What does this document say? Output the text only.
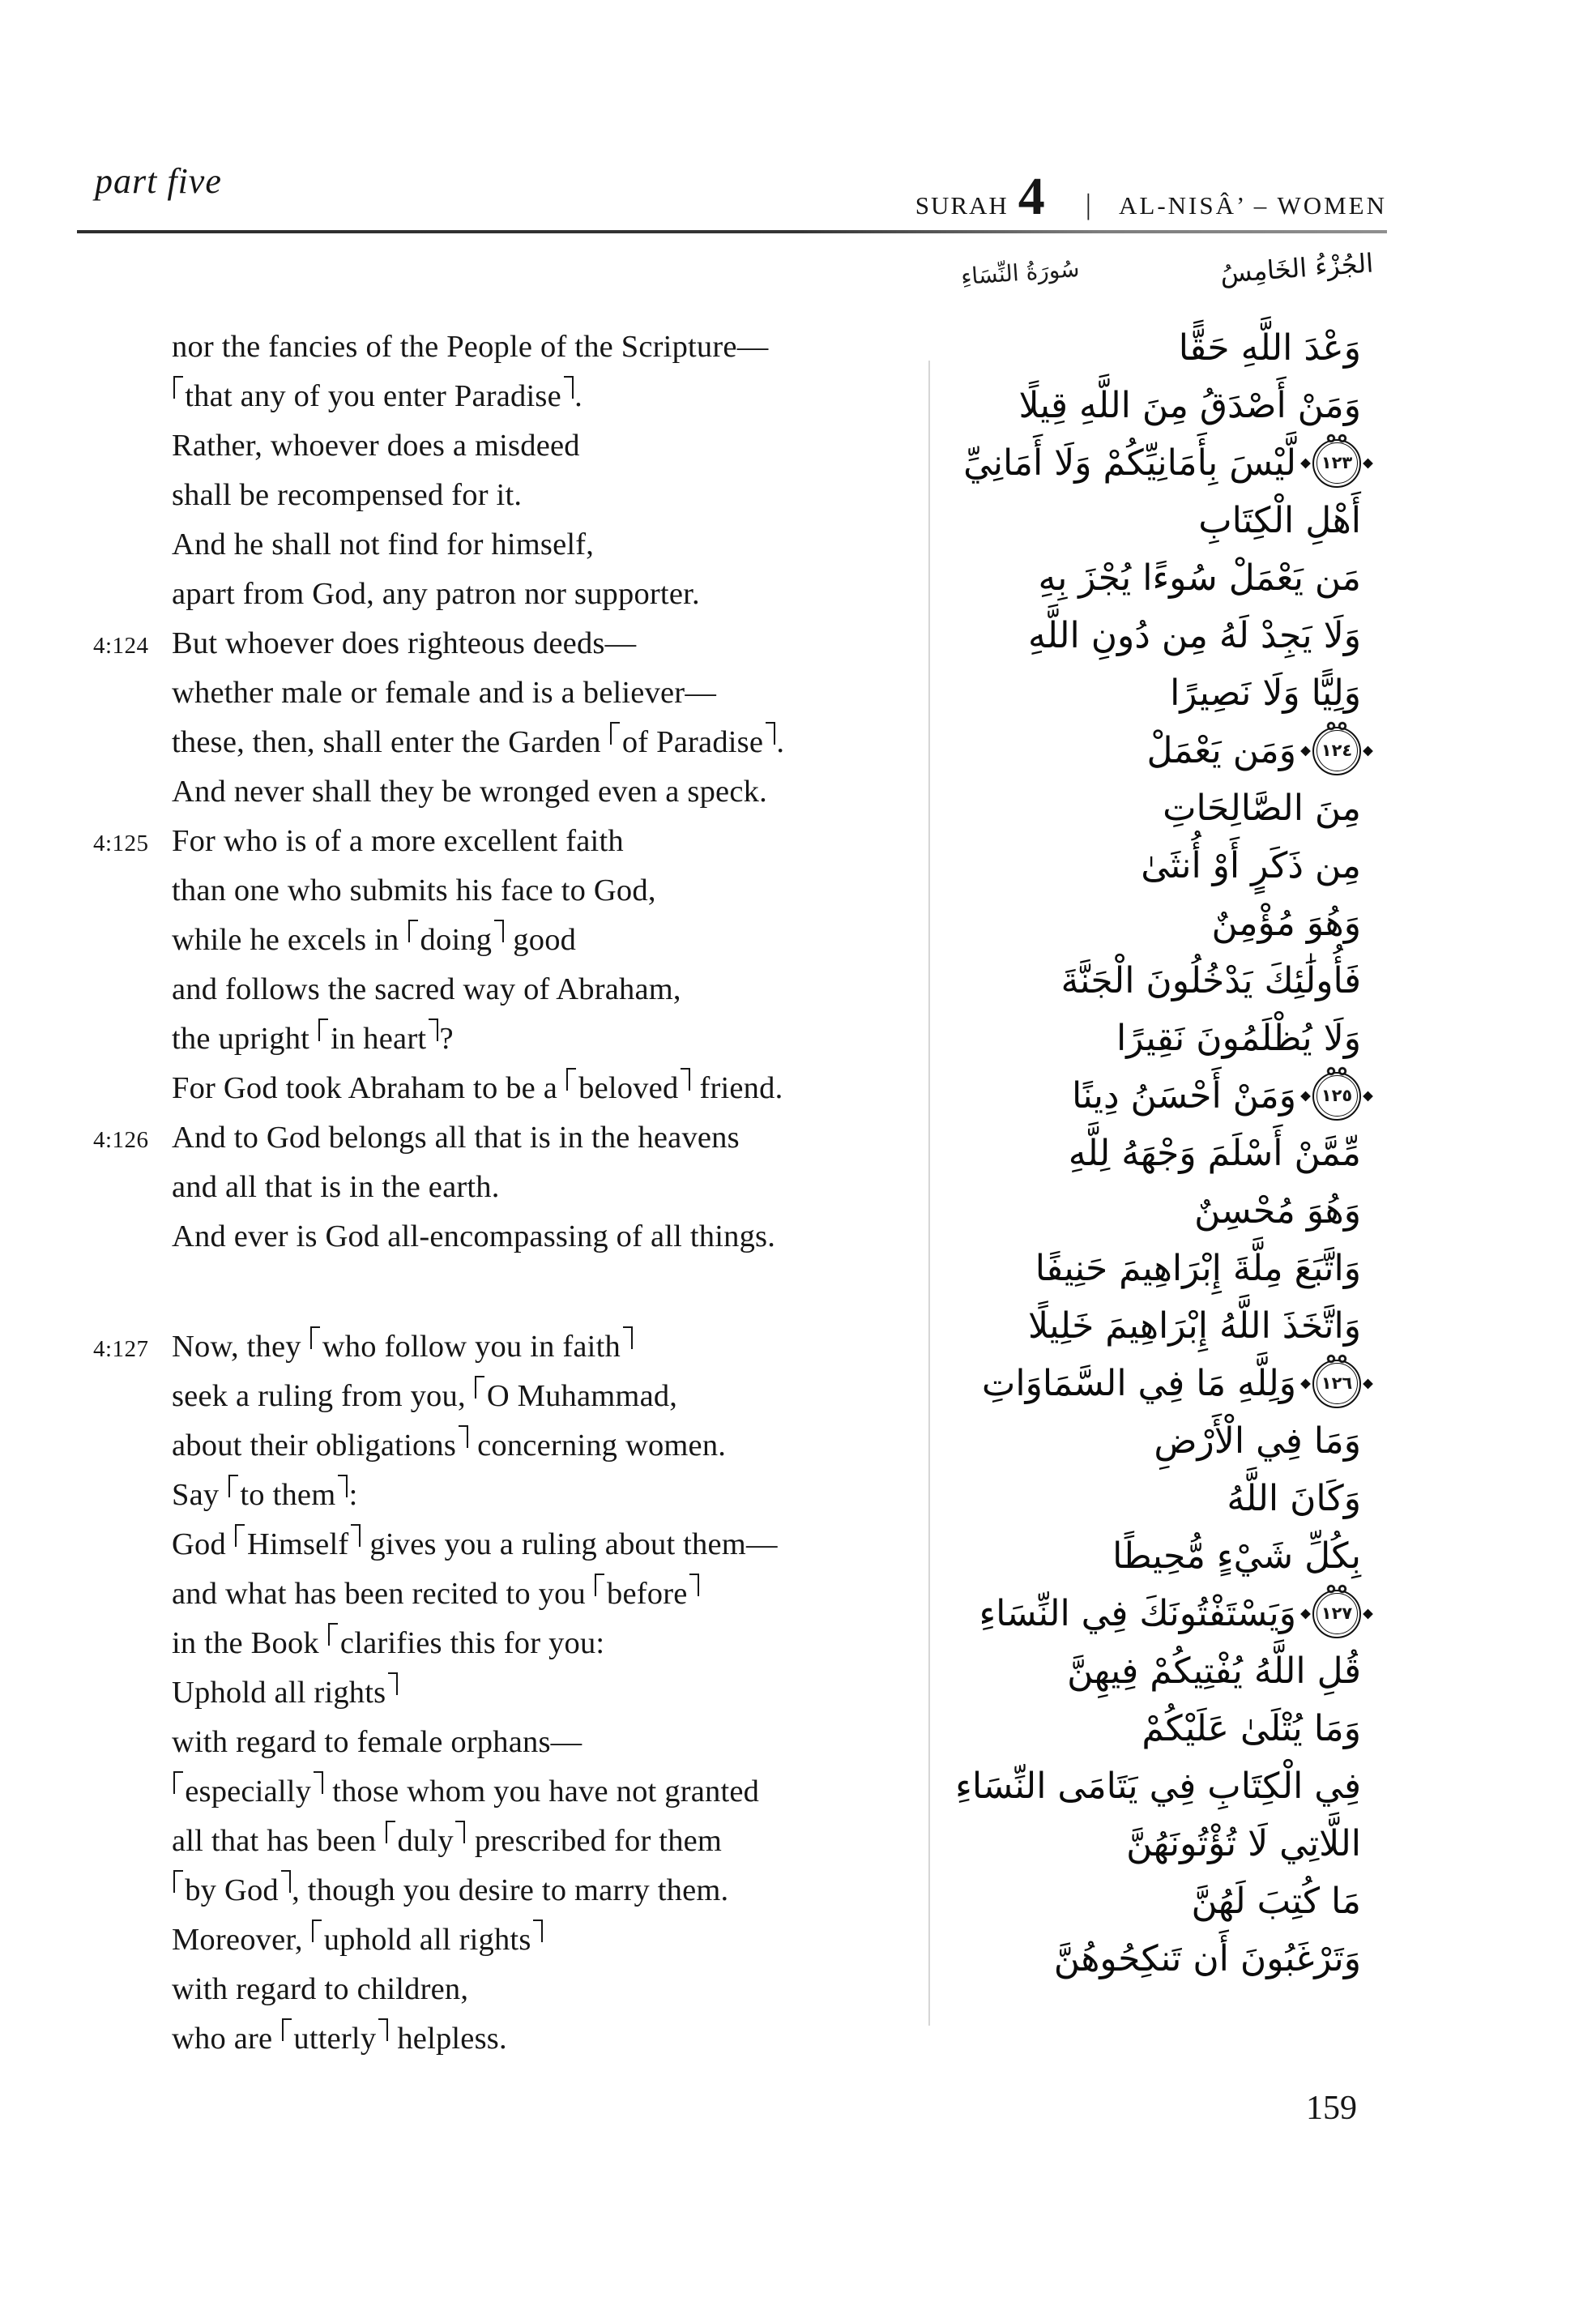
part five
SURAH 4 | AL-NISÂ’ – WOMEN
سُورَةُ النِّسَاءِ	الجُزْءُ الخَامِسُ
nor the fancies of the People of the Scripture—
that any of you enter Paradise .
Rather, whoever does a misdeed
shall be recompensed for it.
And he shall not find for himself,
apart from God, any patron nor supporter.
4:124 But whoever does righteous deeds—
whether male or female and is a believer—
these, then, shall enter the Garden of Paradise .
And never shall they be wronged even a speck.
4:125 For who is of a more excellent faith
than one who submits his face to God,
while he excels in doing good
and follows the sacred way of Abraham,
the upright in heart ?
For God took Abraham to be a beloved friend.
4:126 And to God belongs all that is in the heavens
and all that is in the earth.
And ever is God all-encompassing of all things.
4:127 Now, they who follow you in faith
seek a ruling from you, O Muhammad,
about their obligations concerning women.
Say to them :
God Himself gives you a ruling about them—
and what has been recited to you before
in the Book clarifies this for you:
Uphold all rights
with regard to female orphans—
especially those whom you have not granted
all that has been duly prescribed for them
by God , though you desire to marry them.
Moreover, uphold all rights
with regard to children,
who are utterly helpless.
وَعْدَ اللَّهِ حَقًّا
وَمَنْ أَصْدَقُ مِنَ اللَّهِ قِيلًا
لَّيْسَ بِأَمَانِيِّكُمْ وَلَا أَمَانِيِّ ١٢٣
أَهْلِ الْكِتَابِ
مَن يَعْمَلْ سُوءًا يُجْزَ بِهِ
وَلَا يَجِدْ لَهُ مِن دُونِ اللَّهِ
وَلِيًّا وَلَا نَصِيرًا
وَمَن يَعْمَلْ ١٢٤
مِنَ الصَّالِحَاتِ
مِن ذَكَرٍ أَوْ أُنثَىٰ
وَهُوَ مُؤْمِنٌ
فَأُولَٰئِكَ يَدْخُلُونَ الْجَنَّةَ
وَلَا يُظْلَمُونَ نَقِيرًا
وَمَنْ أَحْسَنُ دِينًا ١٢٥
مِّمَّنْ أَسْلَمَ وَجْهَهُ لِلَّهِ
وَهُوَ مُحْسِنٌ
وَاتَّبَعَ مِلَّةَ إِبْرَاهِيمَ حَنِيفًا
وَاتَّخَذَ اللَّهُ إِبْرَاهِيمَ خَلِيلًا
وَلِلَّهِ مَا فِي السَّمَاوَاتِ ١٢٦
وَمَا فِي الْأَرْضِ
وَكَانَ اللَّهُ
بِكُلِّ شَيْءٍ مُّحِيطًا
وَيَسْتَفْتُونَكَ فِي النِّسَاءِ ١٢٧
قُلِ اللَّهُ يُفْتِيكُمْ فِيهِنَّ
وَمَا يُتْلَىٰ عَلَيْكُمْ
فِي الْكِتَابِ فِي يَتَامَى النِّسَاءِ
اللَّاتِي لَا تُؤْتُونَهُنَّ
مَا كُتِبَ لَهُنَّ
وَتَرْغَبُونَ أَن تَنكِحُوهُنَّ
159
